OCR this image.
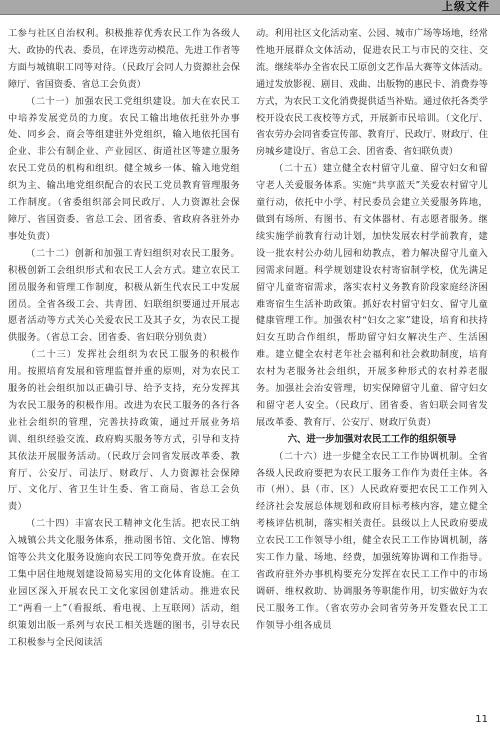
上级文件

工参与社区自治权利。积极推荐优秀农民工作为各级人大、政协的代表、委员，在评选劳动模范、先进工作者等方面与城镇职工同等对待。（民政厅会同人力资源社会保障厅、省国资委、省总工会负责）

（二十一）加强农民工党组织建设。加大在农民工中培养发展党员的力度。农民工输出地依托驻外办事处、同乡会、商会等组建驻外党组织，输入地依托国有企业、非公有制企业、产业园区、街道社区等建立服务农民工党员的机构和组织。健全城乡一体、输入地党组织为主、输出地党组织配合的农民工党员教育管理服务工作制度。（省委组织部会同民政厅、人力资源社会保障厅、省国资委、省总工会、团省委、省政府各驻外办事处负责）

（二十二）创新和加强工青妇组织对农民工服务。积极创新工会组织形式和农民工人会方式。建立农民工团员服务和管理工作制度，积极从新生代农民工中发展团员。全省各级工会、共青团、妇联组织要通过开展志愿者活动等方式关心关爱农民工及其子女，为农民工提供服务。（省总工会、团省委、省妇联分别负责）

（二十三）发挥社会组织为农民工服务的积极作用。按照培育发展和管理监督并重的原则，对为农民工服务的社会组织加以正确引导、给予支持，充分发挥其为农民工服务的积极作用。改进为农民工服务的各行各业社会组织的管理，完善扶持政策，通过开展业务培训、组织经验交流、政府购买服务等方式，引导和支持其依法开展服务活动。（民政厅会同省发展改革委、教育厅、公安厅、司法厅、财政厅、人力资源社会保障厅、文化厅、省卫生计生委、省工商局、省总工会负责）

（二十四）丰富农民工精神文化生活。把农民工纳入城镇公共文化服务体系，推动图书馆、文化馆、博物馆等公共文化服务设施向农民工同等免费开放。在农民工集中居住地规划建设简易实用的文化体育设施。在工业园区深入开展农民工文化家园创建活动。推进农民工“两看一上”（看报纸、看电视、上互联网）活动，组织策划出版一系列与农民工相关选题的图书，引导农民工积极参与全民阅读活

动。利用社区文化活动室、公园、城市广场等场地，经常性地开展群众文体活动，促进农民工与市民的交往、交流。继续举办全省农民工原创文艺作品大赛等文体活动。通过发放影视、剧目、戏曲、出版物的惠民卡、消费券等方式，为农民工文化消费提供适当补贴。通过依托各类学校开设农民工夜校等方式，开展新市民培训。（文化厅、省农劳办会同省委宣传部、教育厅、民政厅、财政厅、住房城乡建设厅、省总工会、团省委、省妇联负责）

（二十五）建立健全农村留守儿童、留守妇女和留守老人关爱服务体系。实施“共享蓝天”关爱农村留守儿童行动，依托中小学、村民委员会建立关爱服务阵地，做到有场所、有图书、有文体器材、有志愿者服务。继续实施学前教育行动计划，加快发展农村学前教育，建设一批农村公办幼儿园和幼教点，着力解决留守儿童入园需求问题。科学规划建设农村寄宿制学校，优先满足留守儿童寄宿需求，落实农村义务教育阶段家庭经济困难寄宿生生活补助政策。抓好农村留守妇女、留守儿童健康管理工作。加强农村“妇女之家”建设，培育和扶持妇女互助合作组织，帮助留守妇女解决生产、生活困难。建立健全农村老年社会福利和社会救助制度，培育农村为老服务社会组织，开展多种形式的农村养老服务。加强社会治安管理，切实保障留守儿童、留守妇女和留守老人安全。（民政厅、团省委、省妇联会同省发展改革委、教育厅、公安厅、财政厅负责）

六、进一步加强对农民工工作的组织领导

（二十六）进一步健全农民工工作协调机制。全省各级人民政府要把为农民工服务工作作为责任主体。各市（州）、县（市、区）人民政府要把农民工工作列入经济社会发展总体规划和政府目标考核内容，建立健全考核评估机制，落实相关责任。县级以上人民政府要成立农民工工作领导小组，健全农民工工作协调机制，落实工作力量、场地、经费，加强统筹协调和工作指导。省政府驻外办事机构要充分发挥在农民工工作中的市场调研、维权救助、协调服务等职能作用，切实做好为农民工服务工作。（省农劳办会同省劳务开发暨农民工工作领导小组各成员

11
